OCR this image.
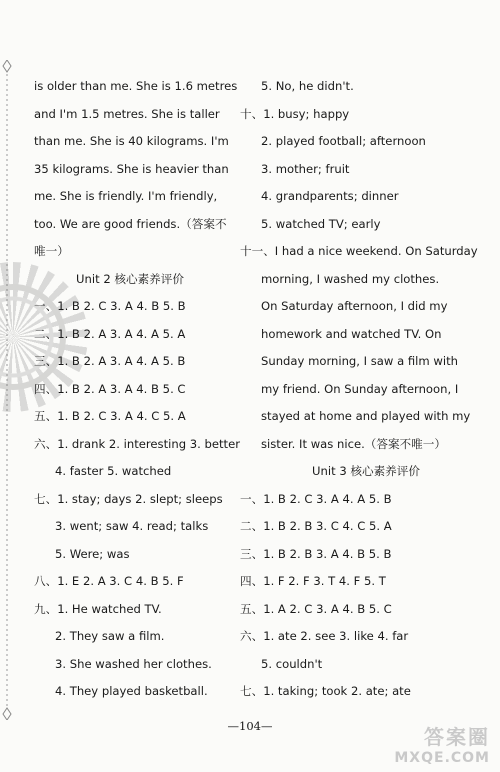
is older than me. She is 1.6 metres
and I'm 1.5 metres. She is taller
than me. She is 40 kilograms. I'm
35 kilograms. She is heavier than
me. She is friendly. I'm friendly,
too. We are good friends.（答案不
唯一）
Unit 2 核心素养评价
一、1. B 2. C 3. A 4. B 5. B
二、1. B 2. A 3. A 4. A 5. A
三、1. B 2. A 3. A 4. A 5. B
四、1. B 2. A 3. A 4. B 5. C
五、1. B 2. C 3. A 4. C 5. A
六、1. drank 2. interesting 3. better
4. faster 5. watched
七、1. stay; days 2. slept; sleeps
3. went; saw 4. read; talks
5. Were; was
八、1. E 2. A 3. C 4. B 5. F
九、1. He watched TV.
2. They saw a film.
3. She washed her clothes.
4. They played basketball.
5. No, he didn't.
十、1. busy; happy
2. played football; afternoon
3. mother; fruit
4. grandparents; dinner
5. watched TV; early
十一、I had a nice weekend. On Saturday
morning, I washed my clothes.
On Saturday afternoon, I did my
homework and watched TV. On
Sunday morning, I saw a film with
my friend. On Sunday afternoon, I
stayed at home and played with my
sister. It was nice.（答案不唯一）
Unit 3 核心素养评价
一、1. B 2. C 3. A 4. A 5. B
二、1. B 2. B 3. C 4. C 5. A
三、1. B 2. B 3. A 4. B 5. B
四、1. F 2. F 3. T 4. F 5. T
五、1. A 2. C 3. A 4. B 5. C
六、1. ate 2. see 3. like 4. far
5. couldn't
七、1. taking; took 2. ate; ate
—104—	答案圈
MXQE.COM
